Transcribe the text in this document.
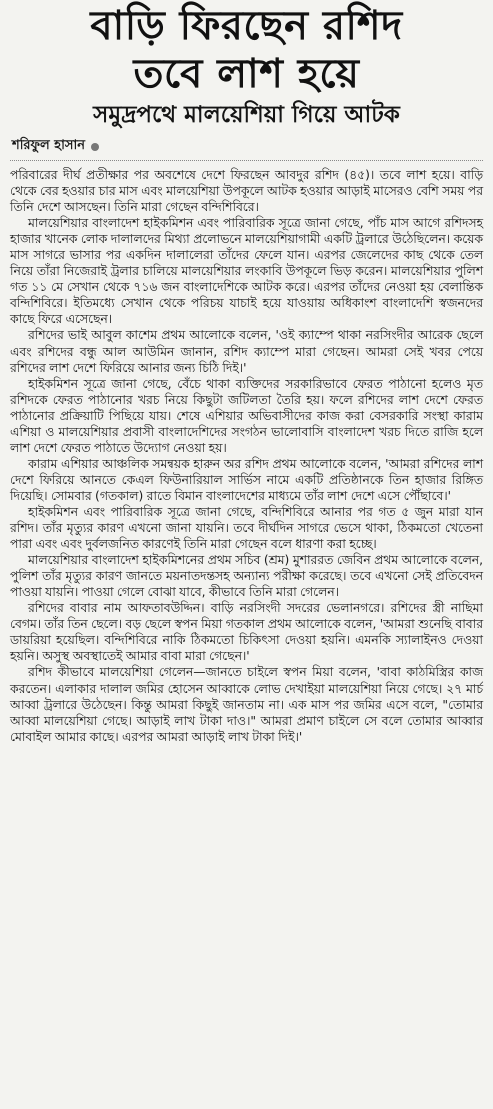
বাড়ি ফিরছেন রশিদ
তবে লাশ হয়ে
সমুদ্রপথে মালয়েশিয়া গিয়ে আটক
শরিফুল হাসান

পরিবারের দীর্ঘ প্রতীক্ষার পর অবশেষে দেশে ফিরছেন আবদুর রশিদ (৪৫)। তবে লাশ হয়ে। বাড়ি থেকে বের হওয়ার চার মাস এবং মালয়েশিয়া উপকূলে আটক হওয়ার আড়াই মাসেরও বেশি সময় পর তিনি দেশে আসছেন। তিনি মারা গেছেন বন্দিশিবিরে।

মালয়েশিয়ার বাংলাদেশ হাইকমিশন এবং পারিবারিক সূত্রে জানা গেছে, পাঁচ মাস আগে রশিদসহ হাজার খানেক লোক দালালদের মিথ্যা প্রলোভনে মালয়েশিয়াগামী একটি ট্রলারে উঠেছিলেন। কয়েক মাস সাগরে ভাসার পর একদিন দালালেরা তাঁদের ফেলে যান। এরপর জেলেদের কাছ থেকে তেল নিয়ে তাঁরা নিজেরাই ট্রলার চালিয়ে মালয়েশিয়ার লংকাবি উপকূলে ভিড় করেন। মালয়েশিয়ার পুলিশ গত ১১ মে সেখান থেকে ৭১৬ জন বাংলাদেশিকে আটক করে। এরপর তাঁদের নেওয়া হয় বেলান্তিক বন্দিশিবিরে। ইতিমধ্যে সেখান থেকে পরিচয় যাচাই হয়ে যাওয়ায় অধিকাংশ বাংলাদেশি স্বজনদের কাছে ফিরে এসেছেন।

রশিদের ভাই আবুল কাশেম প্রথম আলোকে বলেন, 'ওই ক্যাম্পে থাকা নরসিংদীর আরেক ছেলে এবং রশিদের বন্ধু আল আউমিন জানান, রশিদ ক্যাম্পে মারা গেছেন। আমরা সেই খবর পেয়ে রশিদের লাশ দেশে ফিরিয়ে আনার জন্য চিঠি দিই।'

হাইকমিশন সূত্রে জানা গেছে, বেঁচে থাকা ব্যক্তিদের সরকারিভাবে ফেরত পাঠানো হলেও মৃত রশিদকে ফেরত পাঠানোর খরচ নিয়ে কিছুটা জটিলতা তৈরি হয়। ফলে রশিদের লাশ দেশে ফেরত পাঠানোর প্রক্রিয়াটি পিছিয়ে যায়। শেষে এশিয়ার অভিবাসীদের কাজ করা বেসরকারি সংস্থা কারাম এশিয়া ও মালয়েশিয়ার প্রবাসী বাংলাদেশিদের সংগঠন ভালোবাসি বাংলাদেশ খরচ দিতে রাজি হলে লাশ দেশে ফেরত পাঠাতে উদ্যোগ নেওয়া হয়।

কারাম এশিয়ার আঞ্চলিক সমন্বয়ক হারুন অর রশিদ প্রথম আলোকে বলেন, 'আমরা রশিদের লাশ দেশে ফিরিয়ে আনতে কেএল ফিউনারিয়াল সার্ভিস নামে একটি প্রতিষ্ঠানকে তিন হাজার রিঙ্গিত দিয়েছি। সোমবার (গতকাল) রাতে বিমান বাংলাদেশের মাধ্যমে তাঁর লাশ দেশে এসে পৌঁছাবে।'

হাইকমিশন এবং পারিবারিক সূত্রে জানা গেছে, বন্দিশিবিরে আনার পর গত ৫ জুন মারা যান রশিদ। তাঁর মৃত্যুর কারণ এখনো জানা যায়নি। তবে দীর্ঘদিন সাগরে ভেসে থাকা, ঠিকমতো খেতেনা পারা এবং এবং দুর্বলজনিত কারণেই তিনি মারা গেছেন বলে ধারণা করা হচ্ছে।

মালয়েশিয়ার বাংলাদেশ হাইকমিশনের প্রথম সচিব (শ্রম) মুশাররত জেবিন প্রথম আলোকে বলেন, পুলিশ তাঁর মৃত্যুর কারণ জানতে ময়নাতদন্তসহ অন্যান্য পরীক্ষা করেছে। তবে এখনো সেই প্রতিবেদন পাওয়া যায়নি। পাওয়া গেলে বোঝা যাবে, কীভাবে তিনি মারা গেলেন।

রশিদের বাবার নাম আফতাবউদ্দিন। বাড়ি নরসিংদী সদরের ভেলানগরে। রশিদের স্ত্রী নাছিমা বেগম। তাঁর তিন ছেলে। বড় ছেলে স্বপন মিয়া গতকাল প্রথম আলোকে বলেন, 'আমরা শুনেছি বাবার ডায়রিয়া হয়েছিল। বন্দিশিবিরে নাকি ঠিকমতো চিকিৎসা দেওয়া হয়নি। এমনকি স্যালাইনও দেওয়া হয়নি। অসুস্থ অবস্থাতেই আমার বাবা মারা গেছেন।'

রশিদ কীভাবে মালয়েশিয়া গেলেন—জানতে চাইলে স্বপন মিয়া বলেন, 'বাবা কাঠমিস্ত্রির কাজ করতেন। এলাকার দালাল জমির হোসেন আব্বাকে লোভ দেখাইয়া মালয়েশিয়া নিয়ে গেছে। ২৭ মার্চ আব্বা ট্রলারে উঠেছেন। কিন্তু আমরা কিছুই জানতাম না। এক মাস পর জমির এসে বলে, "তোমার আব্বা মালয়েশিয়া গেছে। আড়াই লাখ টাকা দাও।" আমরা প্রমাণ চাইলে সে বলে তোমার আব্বার মোবাইল আমার কাছে। এরপর আমরা আড়াই লাখ টাকা দিই।'
